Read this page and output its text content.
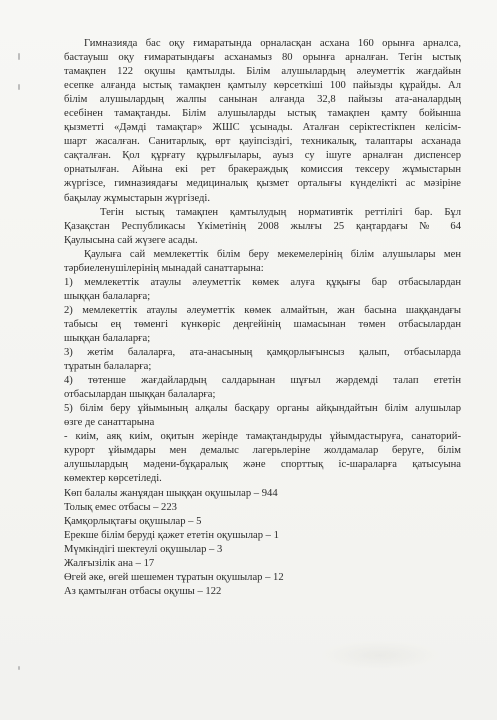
Гимназияда бас оқу ғимаратында орналасқан асхана 160 орынға арналса,
бастауыш оқу ғимаратындағы асханамыз 80 орынға арналған. Тегін ыстық
тамақпен 122 оқушы қамтылды. Білім алушылардың әлеуметтік жағдайын
есепке алғанда ыстық тамақпен қамтылу көрсеткіші 100 пайызды құрайды. Ал
білім алушылардың жалпы санынан алғанда 32,8 пайызы ата-аналардың
есебінен тамақтанды. Білім алушыларды ыстық тамақпен қамту бойынша
қызметті «Дәмді тамақтар» ЖШС ұсынады. Аталған серіктестікпен келісім-
шарт жасалған. Санитарлық, өрт қауіпсіздігі, техникалық, талаптары асханада
сақталған. Қол құрғату құрылғылары, ауыз су ішуге арналған диспенсер
орнатылған. Айына екі рет бракераждық комиссия тексеру жұмыстарын
жүргізсе, гимназиядағы медициналық қызмет орталығы күнделікті ас мәзіріне
бақылау жұмыстарын жүргізеді.
Тегін ыстық тамақпен қамтылудың нормативтік реттілігі бар. Бұл
Қазақстан Республикасы Үкіметінің 2008 жылғы 25 қаңтардағы № 64
Қаулысына сай жүзеге асады.
Қаулыға сай мемлекеттік білім беру мекемелерінің білім алушылары мен
тәрбиеленушілерінің мынадай санаттарына:
1) мемлекеттік атаулы әлеуметтік көмек алуға құқығы бар отбасылардан
шыққан балаларға;
2) мемлекеттік атаулы әлеуметтік көмек алмайтын, жан басына шаққандағы
табысы ең төменгі күнкөріс деңгейінің шамасынан төмен отбасылардан
шыққан балаларға;
3) жетім балаларға, ата-анасының қамқорлығынсыз қалып, отбасыларда
тұратын балаларға;
4) төтенше жағдайлардың салдарынан шұғыл жәрдемді талап ететін
отбасылардан шыққан балаларға;
5) білім беру ұйымының алқалы басқару органы айқындайтын білім алушылар
өзге де санаттарына
- киім, аяқ киім, оқитын жерінде тамақтандыруды ұйымдастыруға, санаторий-
курорт ұйымдары мен демалыс лагерьлеріне жолдамалар беруге, білім
алушылардың мәдени-бұқаралық және спорттық іс-шараларға қатысуына
көмектер көрсетіледі.
Көп балалы жанұядан шыққан оқушылар – 944
Толық емес отбасы – 223
Қамқорлықтағы оқушылар – 5
Ерекше білім беруді қажет ететін оқушылар – 1
Мүмкіндігі шектеулі оқушылар – 3
Жалғызілік ана – 17
Өгей әке, өгей шешемен тұратын оқушылар – 12
Аз қамтылған отбасы оқушы – 122
